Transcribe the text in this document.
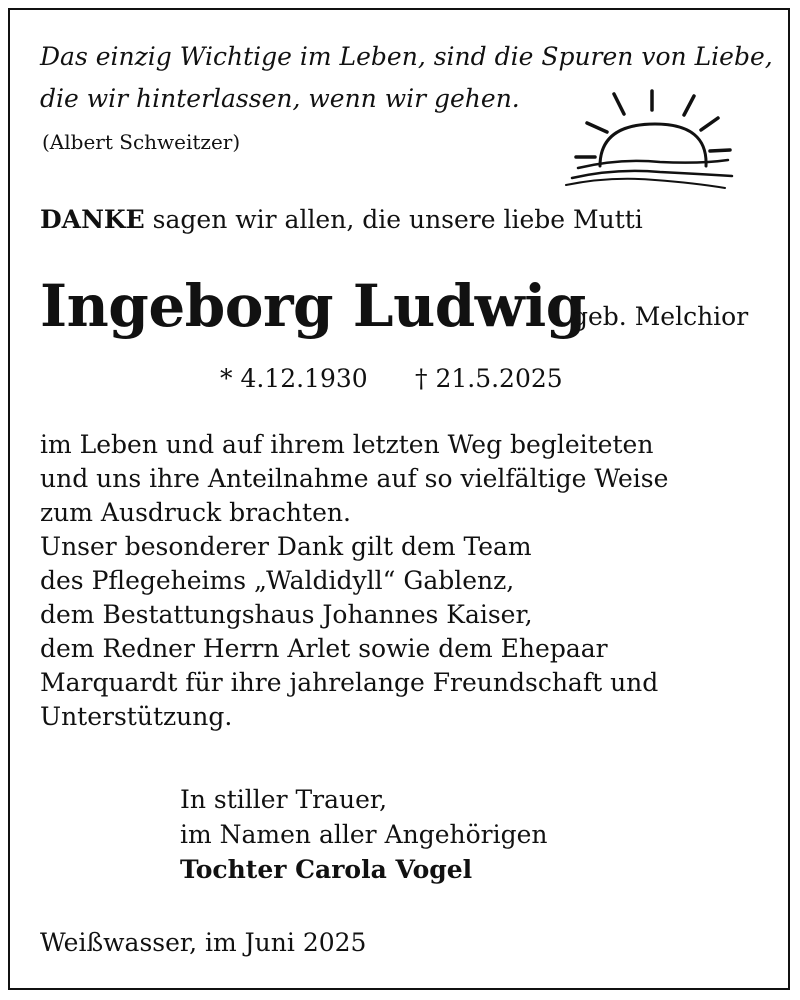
Das einzig Wichtige im Leben, sind die Spuren von Liebe,
die wir hinterlassen, wenn wir gehen.
(Albert Schweitzer)
DANKE sagen wir allen, die unsere liebe Mutti
Ingeborg Ludwig
geb. Melchior
* 4.12.1930 † 21.5.2025
im Leben und auf ihrem letzten Weg begleiteten
und uns ihre Anteilnahme auf so vielfältige Weise
zum Ausdruck brachten.
Unser besonderer Dank gilt dem Team
des Pflegeheims „Waldidyll“ Gablenz,
dem Bestattungshaus Johannes Kaiser,
dem Redner Herrn Arlet sowie dem Ehepaar
Marquardt für ihre jahrelange Freundschaft und
Unterstützung.
In stiller Trauer,
im Namen aller Angehörigen
Tochter Carola Vogel
Weißwasser, im Juni 2025
